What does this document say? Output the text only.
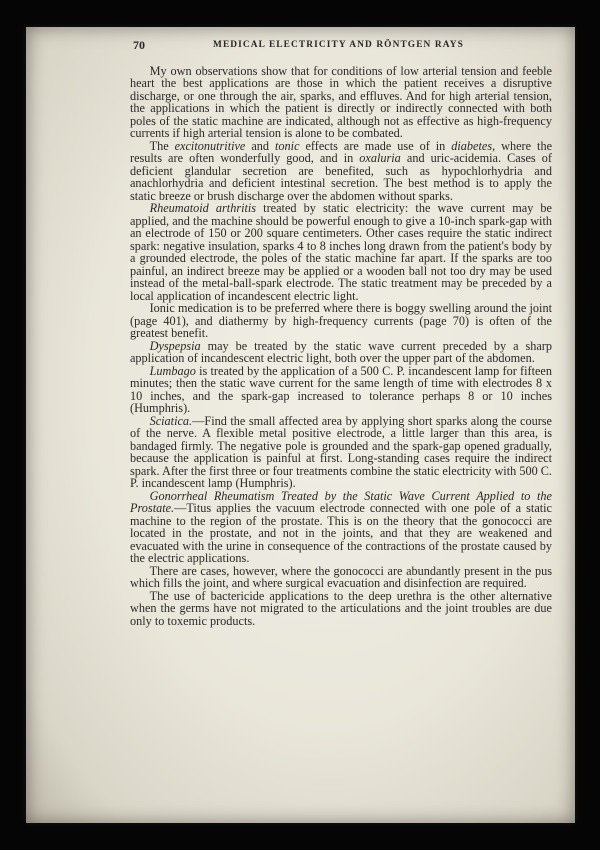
70	MEDICAL ELECTRICITY AND RÖNTGEN RAYS

My own observations show that for conditions of low arterial tension and feeble heart the best applications are those in which the patient receives a disruptive discharge, or one through the air, sparks, and effluves. And for high arterial tension, the applications in which the patient is directly or indirectly connected with both poles of the static machine are indicated, although not as effective as high-frequency currents if high arterial tension is alone to be combated.

The excitonutritive and tonic effects are made use of in diabetes, where the results are often wonderfully good, and in oxaluria and uric-acidemia. Cases of deficient glandular secretion are benefited, such as hypochlorhydria and anachlorhydria and deficient intestinal secretion. The best method is to apply the static breeze or brush discharge over the abdomen without sparks.

Rheumatoid arthritis treated by static electricity: the wave current may be applied, and the machine should be powerful enough to give a 10-inch spark-gap with an electrode of 150 or 200 square centimeters. Other cases require the static indirect spark: negative insulation, sparks 4 to 8 inches long drawn from the patient's body by a grounded electrode, the poles of the static machine far apart. If the sparks are too painful, an indirect breeze may be applied or a wooden ball not too dry may be used instead of the metal-ball-spark electrode. The static treatment may be preceded by a local application of incandescent electric light.

Ionic medication is to be preferred where there is boggy swelling around the joint (page 401), and diathermy by high-frequency currents (page 70) is often of the greatest benefit.

Dyspepsia may be treated by the static wave current preceded by a sharp application of incandescent electric light, both over the upper part of the abdomen.

Lumbago is treated by the application of a 500 C. P. incandescent lamp for fifteen minutes; then the static wave current for the same length of time with electrodes 8 x 10 inches, and the spark-gap increased to tolerance perhaps 8 or 10 inches (Humphris).

Sciatica.—Find the small affected area by applying short sparks along the course of the nerve. A flexible metal positive electrode, a little larger than this area, is bandaged firmly. The negative pole is grounded and the spark-gap opened gradually, because the application is painful at first. Long-standing cases require the indirect spark. After the first three or four treatments combine the static electricity with 500 C. P. incandescent lamp (Humphris).

Gonorrheal Rheumatism Treated by the Static Wave Current Applied to the Prostate.—Titus applies the vacuum electrode connected with one pole of a static machine to the region of the prostate. This is on the theory that the gonococci are located in the prostate, and not in the joints, and that they are weakened and evacuated with the urine in consequence of the contractions of the prostate caused by the electric applications.

There are cases, however, where the gonococci are abundantly present in the pus which fills the joint, and where surgical evacuation and disinfection are required.

The use of bactericide applications to the deep urethra is the other alternative when the germs have not migrated to the articulations and the joint troubles are due only to toxemic products.
